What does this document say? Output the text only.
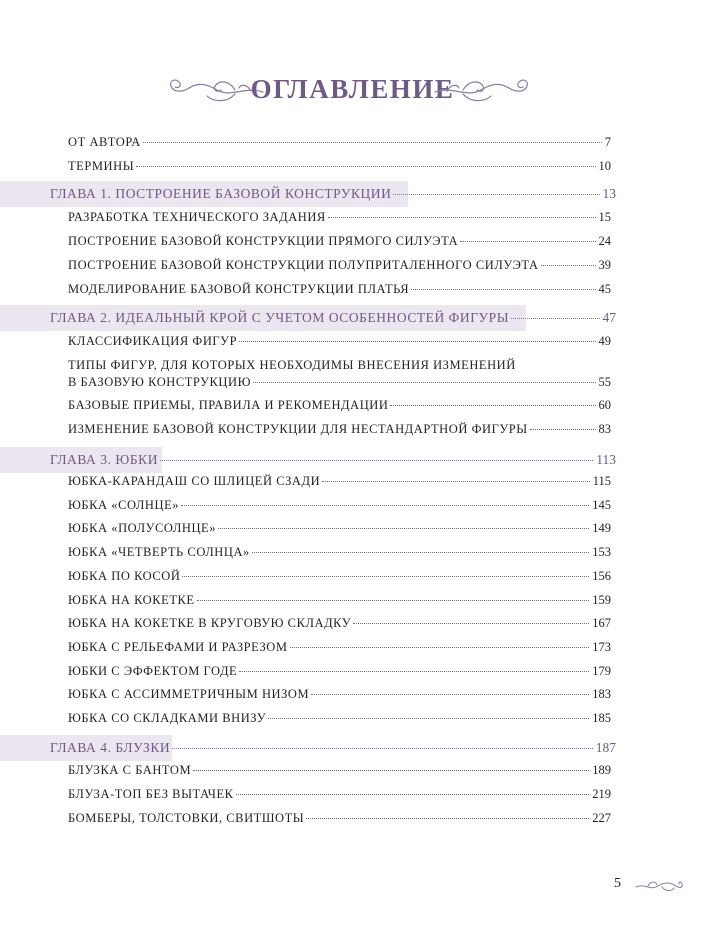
ОГЛАВЛЕНИЕ
ОТ АВТОРА	7
ТЕРМИНЫ	10
ГЛАВА 1. ПОСТРОЕНИЕ БАЗОВОЙ КОНСТРУКЦИИ	13
РАЗРАБОТКА ТЕХНИЧЕСКОГО ЗАДАНИЯ	15
ПОСТРОЕНИЕ БАЗОВОЙ КОНСТРУКЦИИ ПРЯМОГО СИЛУЭТА	24
ПОСТРОЕНИЕ БАЗОВОЙ КОНСТРУКЦИИ ПОЛУПРИТАЛЕННОГО СИЛУЭТА	39
МОДЕЛИРОВАНИЕ БАЗОВОЙ КОНСТРУКЦИИ ПЛАТЬЯ	45
ГЛАВА 2. ИДЕАЛЬНЫЙ КРОЙ С УЧЕТОМ ОСОБЕННОСТЕЙ ФИГУРЫ	47
КЛАССИФИКАЦИЯ ФИГУР	49
ТИПЫ ФИГУР, ДЛЯ КОТОРЫХ НЕОБХОДИМЫ ВНЕСЕНИЯ ИЗМЕНЕНИЙ
В БАЗОВУЮ КОНСТРУКЦИЮ	55
БАЗОВЫЕ ПРИЕМЫ, ПРАВИЛА И РЕКОМЕНДАЦИИ	60
ИЗМЕНЕНИЕ БАЗОВОЙ КОНСТРУКЦИИ ДЛЯ НЕСТАНДАРТНОЙ ФИГУРЫ	83
ГЛАВА 3. ЮБКИ	113
ЮБКА-КАРАНДАШ СО ШЛИЦЕЙ СЗАДИ	115
ЮБКА «СОЛНЦЕ»	145
ЮБКА «ПОЛУСОЛНЦЕ»	149
ЮБКА «ЧЕТВЕРТЬ СОЛНЦА»	153
ЮБКА ПО КОСОЙ	156
ЮБКА НА КОКЕТКЕ	159
ЮБКА НА КОКЕТКЕ В КРУГОВУЮ СКЛАДКУ	167
ЮБКА С РЕЛЬЕФАМИ И РАЗРЕЗОМ	173
ЮБКИ С ЭФФЕКТОМ ГОДЕ	179
ЮБКА С АССИММЕТРИЧНЫМ НИЗОМ	183
ЮБКА СО СКЛАДКАМИ ВНИЗУ	185
ГЛАВА 4. БЛУЗКИ	187
БЛУЗКА С БАНТОМ	189
БЛУЗА-ТОП БЕЗ ВЫТАЧЕК	219
БОМБЕРЫ, ТОЛСТОВКИ, СВИТШОТЫ	227
5
